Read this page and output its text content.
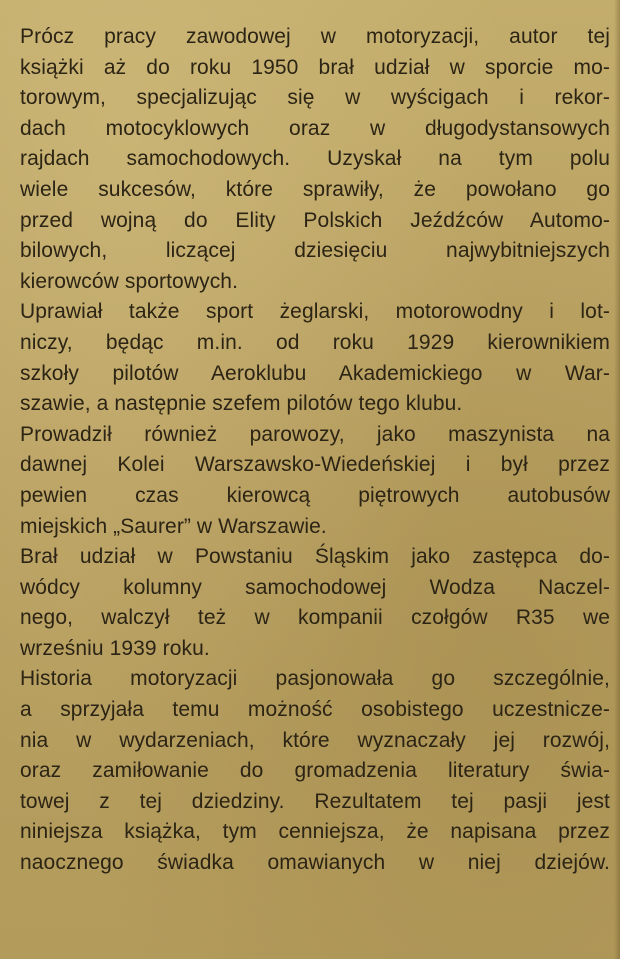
Prócz pracy zawodowej w motoryzacji, autor tej
książki aż do roku 1950 brał udział w sporcie mo-
torowym, specjalizując się w wyścigach i rekor-
dach motocyklowych oraz w długodystansowych
rajdach samochodowych. Uzyskał na tym polu
wiele sukcesów, które sprawiły, że powołano go
przed wojną do Elity Polskich Jeźdźców Automo-
bilowych, liczącej dziesięciu najwybitniejszych
kierowców sportowych.
Uprawiał także sport żeglarski, motorowodny i lot-
niczy, będąc m.in. od roku 1929 kierownikiem
szkoły pilotów Aeroklubu Akademickiego w War-
szawie, a następnie szefem pilotów tego klubu.
Prowadził również parowozy, jako maszynista na
dawnej Kolei Warszawsko-Wiedeńskiej i był przez
pewien czas kierowcą piętrowych autobusów
miejskich „Saurer” w Warszawie.
Brał udział w Powstaniu Śląskim jako zastępca do-
wódcy kolumny samochodowej Wodza Naczel-
nego, walczył też w kompanii czołgów R35 we
wrześniu 1939 roku.
Historia motoryzacji pasjonowała go szczególnie,
a sprzyjała temu możność osobistego uczestnicze-
nia w wydarzeniach, które wyznaczały jej rozwój,
oraz zamiłowanie do gromadzenia literatury świa-
towej z tej dziedziny. Rezultatem tej pasji jest
niniejsza książka, tym cenniejsza, że napisana przez
naocznego świadka omawianych w niej dziejów.
